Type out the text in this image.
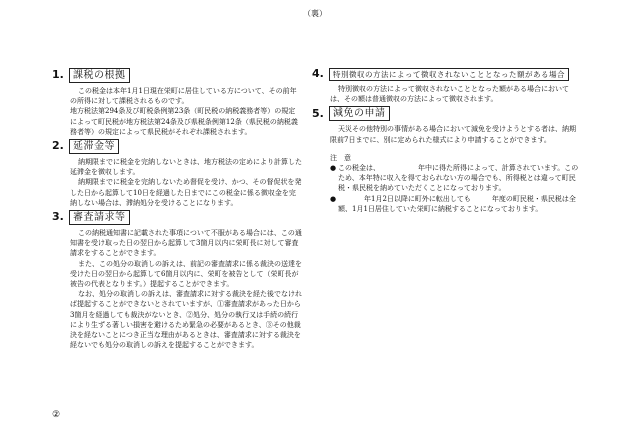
（裏）
1. 課税の根拠

この税金は本年1月1日現在栄町に居住している方について、その前年の所得に対して課税されるものです。

地方税法第294条及び町税条例第23条（町民税の納税義務者等）の規定によって町民税が地方税法第24条及び県税条例第12条（県民税の納税義務者等）の規定によって県民税がそれぞれ課税されます。

2. 延滞金等

納期限までに税金を完納しないときは、地方税法の定めにより計算した延滞金を徴収します。

納期限までに税金を完納しないため督促を受け、かつ、その督促状を発した日から起算して10日を経過した日までにこの税金に係る徴収金を完納しない場合は、滞納処分を受けることになります。

3. 審査請求等

この納税通知書に記載された事項について不服がある場合には、この通知書を受け取った日の翌日から起算して3箇月以内に栄町長に対して審査請求をすることができます。

また、この処分の取消しの訴えは、前記の審査請求に係る裁決の送達を受けた日の翌日から起算して6箇月以内に、栄町を被告として（栄町長が被告の代表となります。）提起することができます。

なお、処分の取消しの訴えは、審査請求に対する裁決を経た後でなければ提起することができないとされていますが、①審査請求があった日から3箇月を経過しても裁決がないとき、②処分、処分の執行又は手続の続行により生ずる著しい損害を避けるため緊急の必要があるとき、③その他裁決を経ないことにつき正当な理由があるときは、審査請求に対する裁決を経ないでも処分の取消しの訴えを提起することができます。

4.	特別徴収の方法によって徴収されないこととなった額がある場合

特別徴収の方法によって徴収されないこととなった額がある場合においては、その額は普通徴収の方法によって徴収されます。

5. 減免の申請

天災その他特別の事情がある場合において減免を受けようとする者は、納期限前7日までに、別に定められた様式により申請することができます。

注　意
● この税金は、	年中に得た所得によって、計算されています。このため、本年特に収入を得ておられない方の場合でも、所得税とは違って町民税・県民税を納めていただくことになっております。
●	年1月2日以降に町外に転出しても　　　年度の町民税・県民税は全額、1月1日居住していた栄町に納税することになっております。
②
